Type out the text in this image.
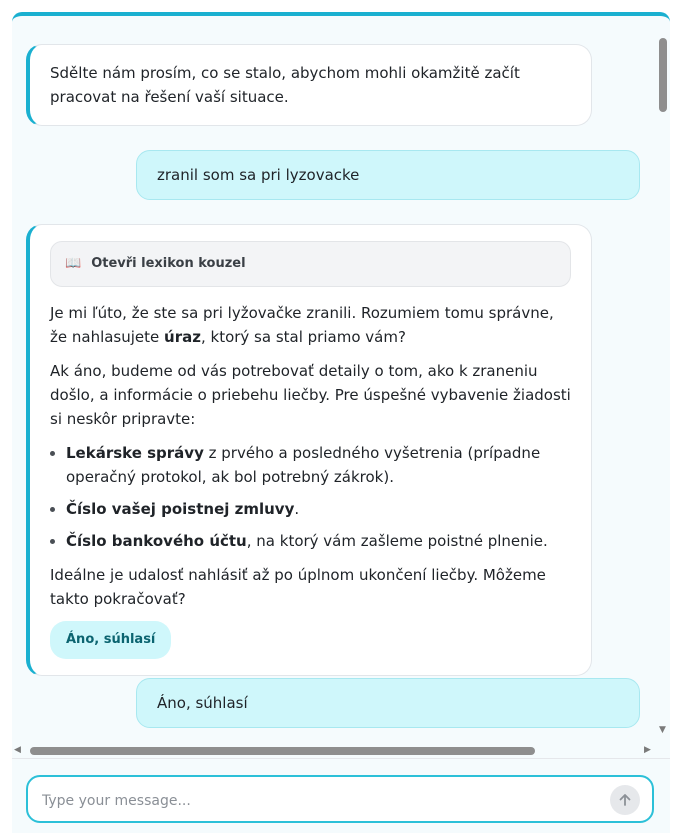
Sdělte nám prosím, co se stalo, abychom mohli okamžitě začít pracovat na řešení vaší situace.
zranil som sa pri lyzovacke
📖 Otevři lexikon kouzel

Je mi ľúto, že ste sa pri lyžovačke zranili. Rozumiem tomu správne, že nahlasujete úraz, ktorý sa stal priamo vám?

Ak áno, budeme od vás potrebovať detaily o tom, ako k zraneniu došlo, a informácie o priebehu liečby. Pre úspešné vybavenie žiadosti si neskôr pripravte:

• Lekárske správy z prvého a posledného vyšetrenia (prípadne operačný protokol, ak bol potrebný zákrok).
• Číslo vašej poistnej zmluvy.
• Číslo bankového účtu, na ktorý vám zašleme poistné plnenie.

Ideálne je udalosť nahlásiť až po úplnom ukončení liečby. Môžeme takto pokračovať?

Áno, súhlasí
Áno, súhlasí
▼
◀	▶
Type your message...
